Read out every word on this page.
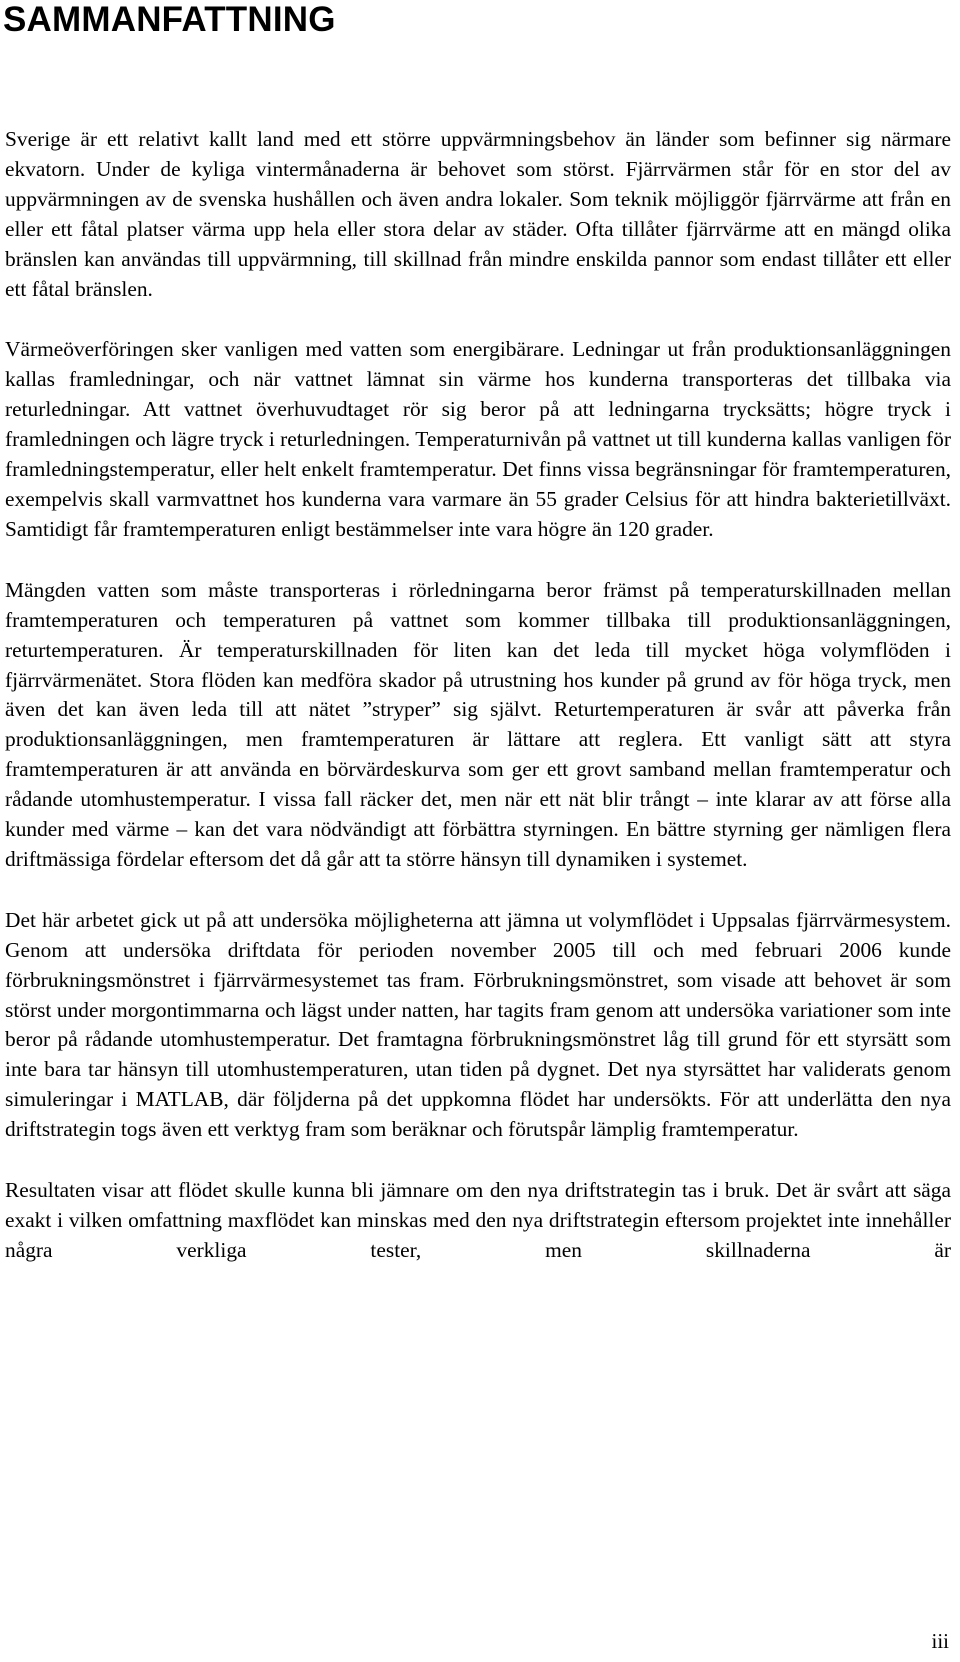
SAMMANFATTNING

Sverige är ett relativt kallt land med ett större uppvärmningsbehov än länder som befinner sig närmare ekvatorn. Under de kyliga vintermånaderna är behovet som störst. Fjärrvärmen står för en stor del av uppvärmningen av de svenska hushållen och även andra lokaler. Som teknik möjliggör fjärrvärme att från en eller ett fåtal platser värma upp hela eller stora delar av städer. Ofta tillåter fjärrvärme att en mängd olika bränslen kan användas till uppvärmning, till skillnad från mindre enskilda pannor som endast tillåter ett eller ett fåtal bränslen.

Värmeöverföringen sker vanligen med vatten som energibärare. Ledningar ut från produktionsanläggningen kallas framledningar, och när vattnet lämnat sin värme hos kunderna transporteras det tillbaka via returledningar. Att vattnet överhuvudtaget rör sig beror på att ledningarna trycksätts; högre tryck i framledningen och lägre tryck i returledningen. Temperaturnivån på vattnet ut till kunderna kallas vanligen för framledningstemperatur, eller helt enkelt framtemperatur. Det finns vissa begränsningar för framtemperaturen, exempelvis skall varmvattnet hos kunderna vara varmare än 55 grader Celsius för att hindra bakterietillväxt. Samtidigt får framtemperaturen enligt bestämmelser inte vara högre än 120 grader.

Mängden vatten som måste transporteras i rörledningarna beror främst på temperaturskillnaden mellan framtemperaturen och temperaturen på vattnet som kommer tillbaka till produktionsanläggningen, returtemperaturen. Är temperaturskillnaden för liten kan det leda till mycket höga volymflöden i fjärrvärmenätet. Stora flöden kan medföra skador på utrustning hos kunder på grund av för höga tryck, men även det kan även leda till att nätet ”stryper” sig självt. Returtemperaturen är svår att påverka från produktionsanläggningen, men framtemperaturen är lättare att reglera. Ett vanligt sätt att styra framtemperaturen är att använda en börvärdeskurva som ger ett grovt samband mellan framtemperatur och rådande utomhustemperatur. I vissa fall räcker det, men när ett nät blir trångt – inte klarar av att förse alla kunder med värme – kan det vara nödvändigt att förbättra styrningen. En bättre styrning ger nämligen flera driftmässiga fördelar eftersom det då går att ta större hänsyn till dynamiken i systemet.

Det här arbetet gick ut på att undersöka möjligheterna att jämna ut volymflödet i Uppsalas fjärrvärmesystem. Genom att undersöka driftdata för perioden november 2005 till och med februari 2006 kunde förbrukningsmönstret i fjärrvärmesystemet tas fram. Förbrukningsmönstret, som visade att behovet är som störst under morgontimmarna och lägst under natten, har tagits fram genom att undersöka variationer som inte beror på rådande utomhustemperatur. Det framtagna förbrukningsmönstret låg till grund för ett styrsätt som inte bara tar hänsyn till utomhustemperaturen, utan tiden på dygnet. Det nya styrsättet har validerats genom simuleringar i MATLAB, där följderna på det uppkomna flödet har undersökts. För att underlätta den nya driftstrategin togs även ett verktyg fram som beräknar och förutspår lämplig framtemperatur.

Resultaten visar att flödet skulle kunna bli jämnare om den nya driftstrategin tas i bruk. Det är svårt att säga exakt i vilken omfattning maxflödet kan minskas med den nya driftstrategin eftersom projektet inte innehåller några verkliga tester, men skillnaderna är

iii
